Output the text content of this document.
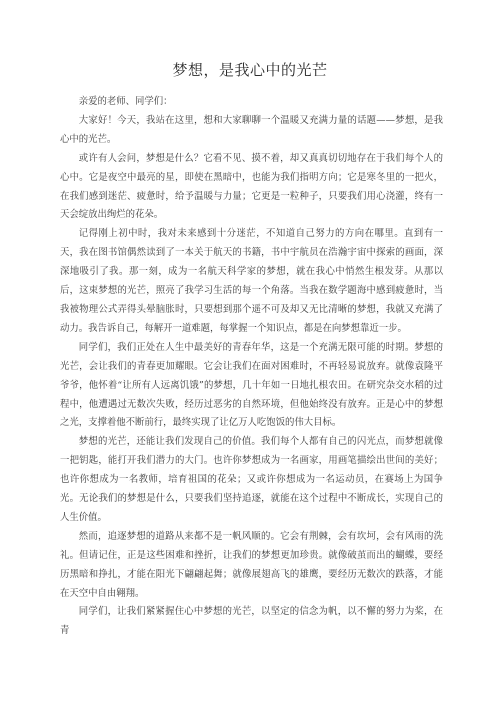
梦想，是我心中的光芒

亲爱的老师、同学们：

大家好！今天，我站在这里，想和大家聊聊一个温暖又充满力量的话题——梦想，是我心中的光芒。

或许有人会问，梦想是什么？它看不见、摸不着，却又真真切切地存在于我们每个人的心中。它是夜空中最亮的星，即使在黑暗中，也能为我们指明方向；它是寒冬里的一把火，在我们感到迷茫、疲惫时，给予温暖与力量；它更是一粒种子，只要我们用心浇灌，终有一天会绽放出绚烂的花朵。

记得刚上初中时，我对未来感到十分迷茫，不知道自己努力的方向在哪里。直到有一天，我在图书馆偶然读到了一本关于航天的书籍，书中宇航员在浩瀚宇宙中探索的画面，深深地吸引了我。那一刻，成为一名航天科学家的梦想，就在我心中悄然生根发芽。从那以后，这束梦想的光芒，照亮了我学习生活的每一个角落。当我在数学题海中感到疲惫时，当我被物理公式弄得头晕脑胀时，只要想到那个遥不可及却又无比清晰的梦想，我就又充满了动力。我告诉自己，每解开一道难题，每掌握一个知识点，都是在向梦想靠近一步。

同学们，我们正处在人生中最美好的青春年华，这是一个充满无限可能的时期。梦想的光芒，会让我们的青春更加耀眼。它会让我们在面对困难时，不再轻易说放弃。就像袁隆平爷爷，他怀着“让所有人远离饥饿”的梦想，几十年如一日地扎根农田。在研究杂交水稻的过程中，他遭遇过无数次失败，经历过恶劣的自然环境，但他始终没有放弃。正是心中的梦想之光，支撑着他不断前行，最终实现了让亿万人吃饱饭的伟大目标。

梦想的光芒，还能让我们发现自己的价值。我们每个人都有自己的闪光点，而梦想就像一把钥匙，能打开我们潜力的大门。也许你梦想成为一名画家，用画笔描绘出世间的美好；也许你想成为一名教师，培育祖国的花朵；又或许你想成为一名运动员，在赛场上为国争光。无论我们的梦想是什么，只要我们坚持追逐，就能在这个过程中不断成长，实现自己的人生价值。

然而，追逐梦想的道路从来都不是一帆风顺的。它会有荆棘，会有坎坷，会有风雨的洗礼。但请记住，正是这些困难和挫折，让我们的梦想更加珍贵。就像破茧而出的蝴蝶，要经历黑暗和挣扎，才能在阳光下翩翩起舞；就像展翅高飞的雄鹰，要经历无数次的跌落，才能在天空中自由翱翔。

同学们，让我们紧紧握住心中梦想的光芒，以坚定的信念为帆，以不懈的努力为桨，在青
